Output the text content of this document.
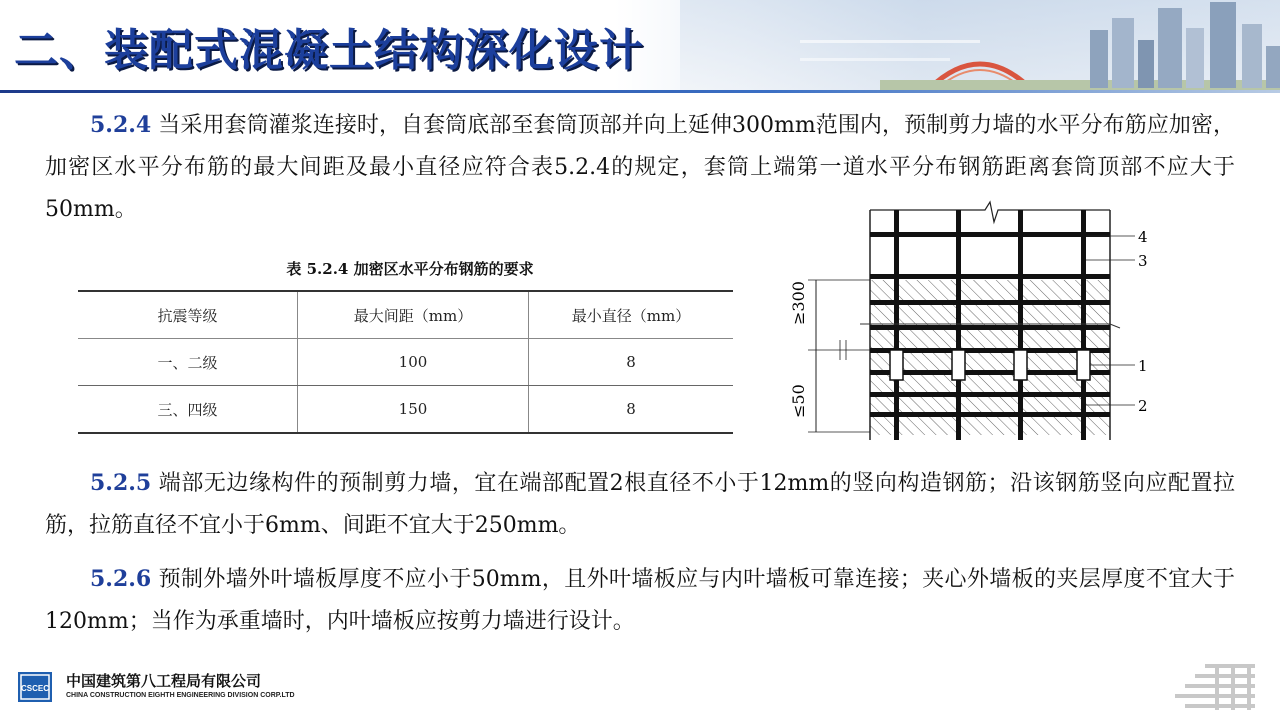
二、装配式混凝土结构深化设计
5.2.4 当采用套筒灌浆连接时，自套筒底部至套筒顶部并向上延伸300mm范围内，预制剪力墙的水平分布筋应加密，加密区水平分布筋的最大间距及最小直径应符合表5.2.4的规定，套筒上端第一道水平分布钢筋距离套筒顶部不应大于50mm。
表 5.2.4 加密区水平分布钢筋的要求
抗震等级	最大间距（mm）	最小直径（mm）
一、二级	100	8
三、四级	150	8
≥300
≤50
4
3
1
2
5.2.5 端部无边缘构件的预制剪力墙，宜在端部配置2根直径不小于12mm的竖向构造钢筋；沿该钢筋竖向应配置拉筋，拉筋直径不宜小于6mm、间距不宜大于250mm。
5.2.6 预制外墙外叶墙板厚度不应小于50mm，且外叶墙板应与内叶墙板可靠连接；夹心外墙板的夹层厚度不宜大于120mm；当作为承重墙时，内叶墙板应按剪力墙进行设计。
CSCEC 中国建筑第八工程局有限公司
CHINA CONSTRUCTION EIGHTH ENGINEERING DIVISION CORP.LTD
